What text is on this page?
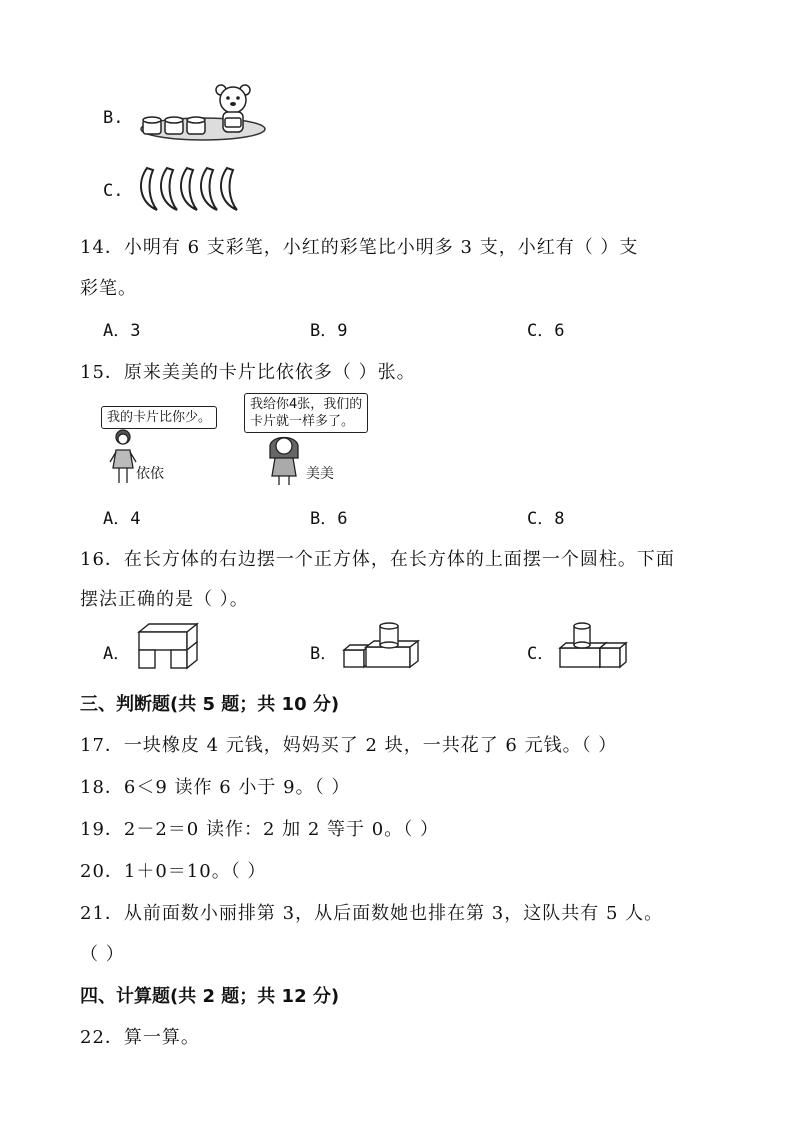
B.
C.
14．小明有 6 支彩笔，小红的彩笔比小明多 3 支，小红有（ ）支
彩笔。
A．3	B．9	C．6
15．原来美美的卡片比依依多（ ）张。
我的卡片比你少。
我给你4张，我们的
卡片就一样多了。
依依	美美
A．4	B．6	C．8
16．在长方体的右边摆一个正方体，在长方体的上面摆一个圆柱。下面
摆法正确的是（ ）。
A．	B．	C．
三、判断题(共 5 题；共 10 分)
17．一块橡皮 4 元钱，妈妈买了 2 块，一共花了 6 元钱。（ ）
18．6＜9 读作 6 小于 9。（ ）
19．2－2＝0 读作：2 加 2 等于 0。（ ）
20．1＋0＝10。（ ）
21．从前面数小丽排第 3，从后面数她也排在第 3，这队共有 5 人。
（ ）
四、计算题(共 2 题；共 12 分)
22．算一算。
